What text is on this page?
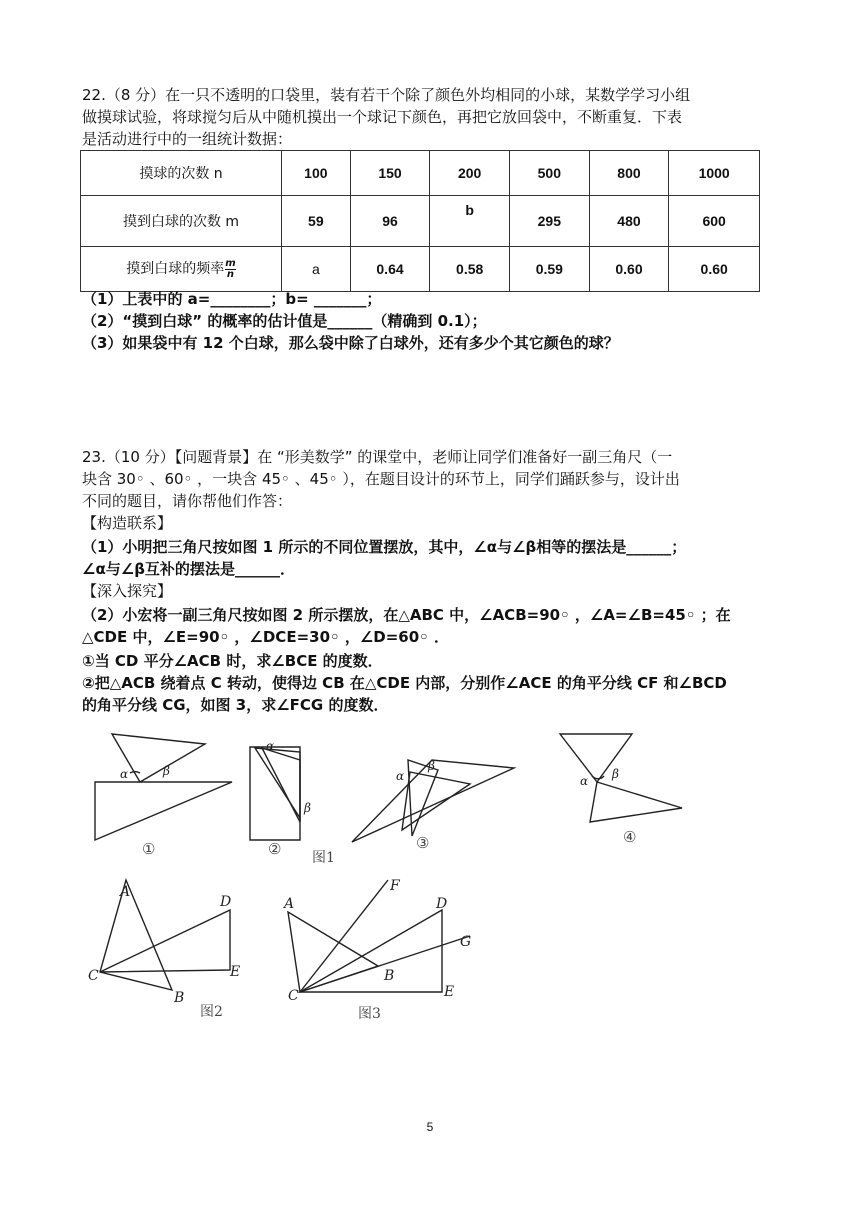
22.（8 分）在一只不透明的口袋里，装有若干个除了颜色外均相同的小球，某数学学习小组
做摸球试验，将球搅匀后从中随机摸出一个球记下颜色，再把它放回袋中，不断重复．下表
是活动进行中的一组统计数据：
摸球的次数 n	100	150	200	500	800	1000
摸到白球的次数 m	59	96	b	295	480	600
摸到白球的频率 $\frac{m}{n}$	a	0.64	0.58	0.59	0.60	0.60
（1）上表中的 a=________；b= _______；
（2）“摸到白球” 的概率的估计值是______（精确到 0.1）；
（3）如果袋中有 12 个白球，那么袋中除了白球外，还有多少个其它颜色的球？
23.（10 分）【问题背景】在 “形美数学” 的课堂中，老师让同学们准备好一副三角尺（一
块含 30◦ 、60◦ ，一块含 45◦ 、45◦ ），在题目设计的环节上，同学们踊跃参与，设计出
不同的题目，请你帮他们作答：
【构造联系】
（1）小明把三角尺按如图 1 所示的不同位置摆放，其中，∠α与∠β相等的摆法是______；
∠α与∠β互补的摆法是______．
【深入探究】
（2）小宏将一副三角尺按如图 2 所示摆放，在△ABC 中，∠ACB=90◦ ，∠A=∠B=45◦ ；在
△CDE 中，∠E=90◦ ，∠DCE=30◦ ，∠D=60◦ ．
①当 CD 平分∠ACB 时，求∠BCE 的度数．
②把△ACB 绕着点 C 转动，使得边 CB 在△CDE 内部，分别作∠ACE 的角平分线 CF 和∠BCD
的角平分线 CG，如图 3，求∠FCG 的度数．
α	β
α
β
α
β
α β
①	②	③	④
图1
A
B
C
D
E
图2
A
B
C
D
E
F
G
图3
5
